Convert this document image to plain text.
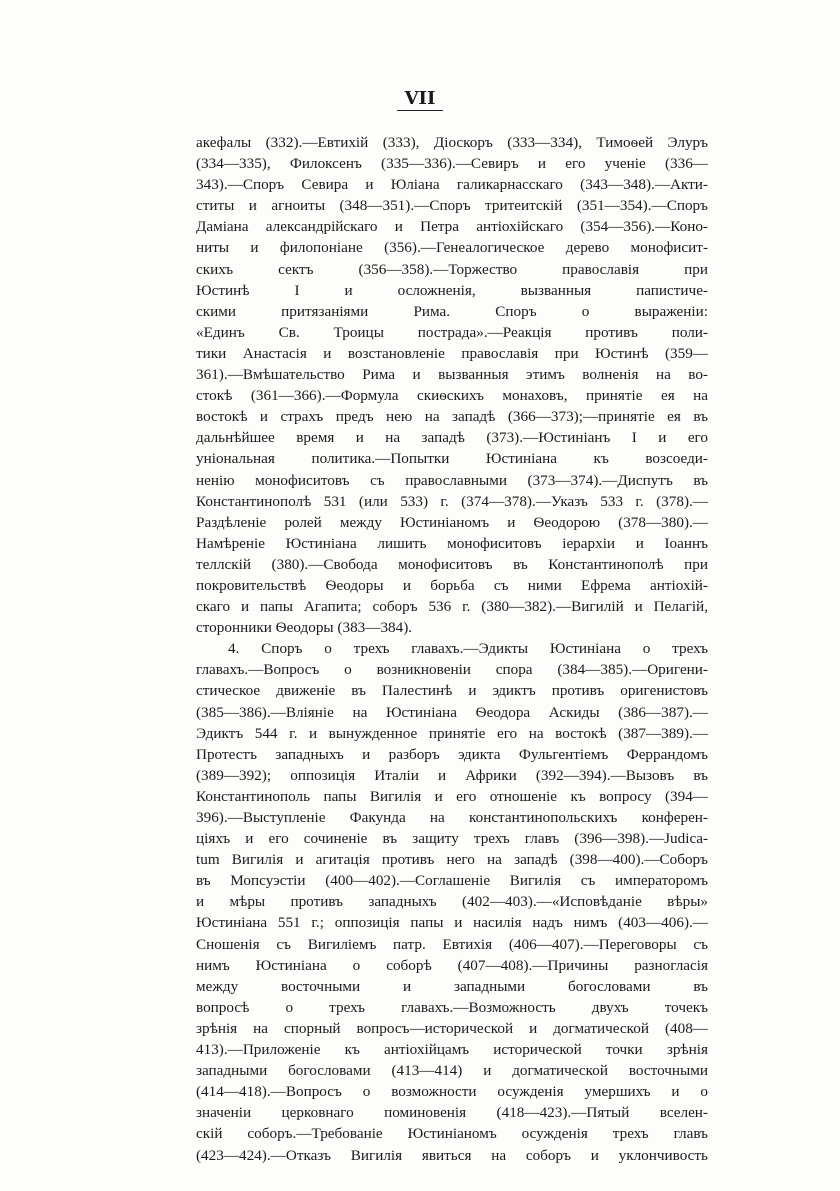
VII
акефалы (332).—Евтихій (333), Діоскоръ (333—334), Тимоѳей Элуръ
(334—335), Филоксенъ (335—336).—Севиръ и его ученіе (336—
343).—Споръ Севира и Юліана галикарнасскаго (343—348).—Акти-
ститы и агноиты (348—351).—Споръ тритеитскій (351—354).—Споръ
Даміана александрійскаго и Петра антіохійскаго (354—356).—Коно-
ниты и филопоніане (356).—Генеалогическое дерево монофисит-
скихъ сектъ (356—358).—Торжество православія при
Юстинѣ I и осложненія, вызванныя папистиче-
скими притязаніями Рима. Споръ о выраженіи:
«Единъ Св. Троицы пострада».—Реакція противъ поли-
тики Анастасія и возстановленіе православія при Юстинѣ (359—
361).—Вмѣшательство Рима и вызванныя этимъ волненія на во-
стокѣ (361—366).—Формула скиѳскихъ монаховъ, принятіе ея на
востокѣ и страхъ предъ нею на западѣ (366—373);—принятіе ея въ
дальнѣйшее время и на западѣ (373).—Юстиніанъ I и его
уніональная политика.—Попытки Юстиніана къ возсоеди-
ненію монофиситовъ съ православными (373—374).—Диспутъ въ
Константинополѣ 531 (или 533) г. (374—378).—Указъ 533 г. (378).—
Раздѣленіе ролей между Юстиніаномъ и Ѳеодорою (378—380).—
Намѣреніе Юстиніана лишить монофиситовъ іерархіи и Іоаннъ
теллскій (380).—Свобода монофиситовъ въ Константинополѣ при
покровительствѣ Ѳеодоры и борьба съ ними Ефрема антіохій-
скаго и папы Агапита; соборъ 536 г. (380—382).—Вигилій и Пелагій,
сторонники Ѳеодоры (383—384).
4. Споръ о трехъ главахъ.—Эдикты Юстиніана о трехъ
главахъ.—Вопросъ о возникновеніи спора (384—385).—Оригени-
стическое движеніе въ Палестинѣ и эдиктъ противъ оригенистовъ
(385—386).—Вліяніе на Юстиніана Ѳеодора Аскиды (386—387).—
Эдиктъ 544 г. и вынужденное принятіе его на востокѣ (387—389).—
Протестъ западныхъ и разборъ эдикта Фульгентіемъ Феррандомъ
(389—392); оппозиція Италіи и Африки (392—394).—Вызовъ въ
Константинополь папы Вигилія и его отношеніе къ вопросу (394—
396).—Выступленіе Факунда на константинопольскихъ конферен-
ціяхъ и его сочиненіе въ защиту трехъ главъ (396—398).—Judica-
tum Вигилія и агитація противъ него на западѣ (398—400).—Соборъ
въ Мопсуэстіи (400—402).—Соглашеніе Вигилія съ императоромъ
и мѣры противъ западныхъ (402—403).—«Исповѣданіе вѣры»
Юстиніана 551 г.; оппозиція папы и насилія надъ нимъ (403—406).—
Сношенія съ Вигиліемъ патр. Евтихія (406—407).—Переговоры съ
нимъ Юстиніана о соборѣ (407—408).—Причины разногласія
между восточными и западными богословами въ
вопросѣ о трехъ главахъ.—Возможность двухъ точекъ
зрѣнія на спорный вопросъ—исторической и догматической (408—
413).—Приложеніе къ антіохійцамъ исторической точки зрѣнія
западными богословами (413—414) и догматической восточными
(414—418).—Вопросъ о возможности осужденія умершихъ и о
значеніи церковнаго поминовенія (418—423).—Пятый вселен-
скій соборъ.—Требованіе Юстиніаномъ осужденія трехъ главъ
(423—424).—Отказъ Вигилія явиться на соборъ и уклончивость
